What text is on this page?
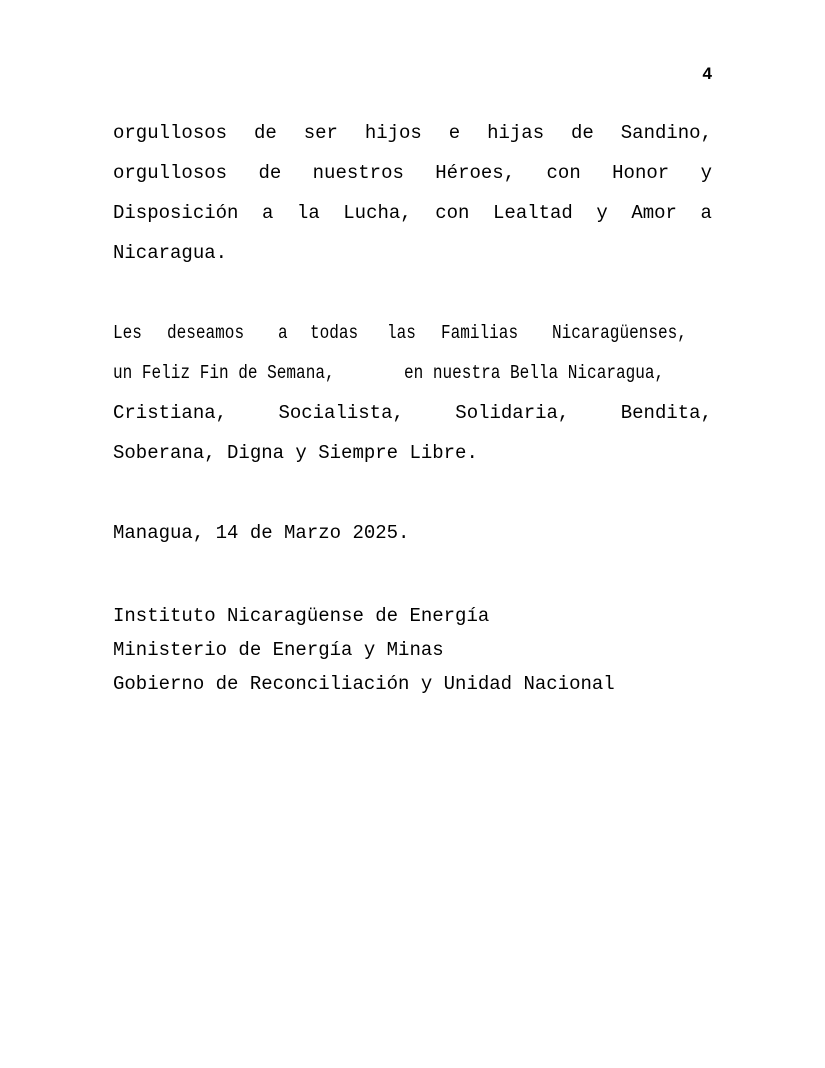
4
orgullosos de ser hijos e hijas de Sandino,
orgullosos de nuestros Héroes, con Honor y
Disposición a la Lucha, con Lealtad y Amor a
Nicaragua.
Les deseamos a todas las Familias Nicaragüenses,
un Feliz Fin de Semana,	en nuestra Bella Nicaragua,
Cristiana,	Socialista,	Solidaria,	Bendita,
Soberana, Digna y Siempre Libre.
Managua, 14 de Marzo 2025.
Instituto Nicaragüense de Energía
Ministerio de Energía y Minas
Gobierno de Reconciliación y Unidad Nacional
